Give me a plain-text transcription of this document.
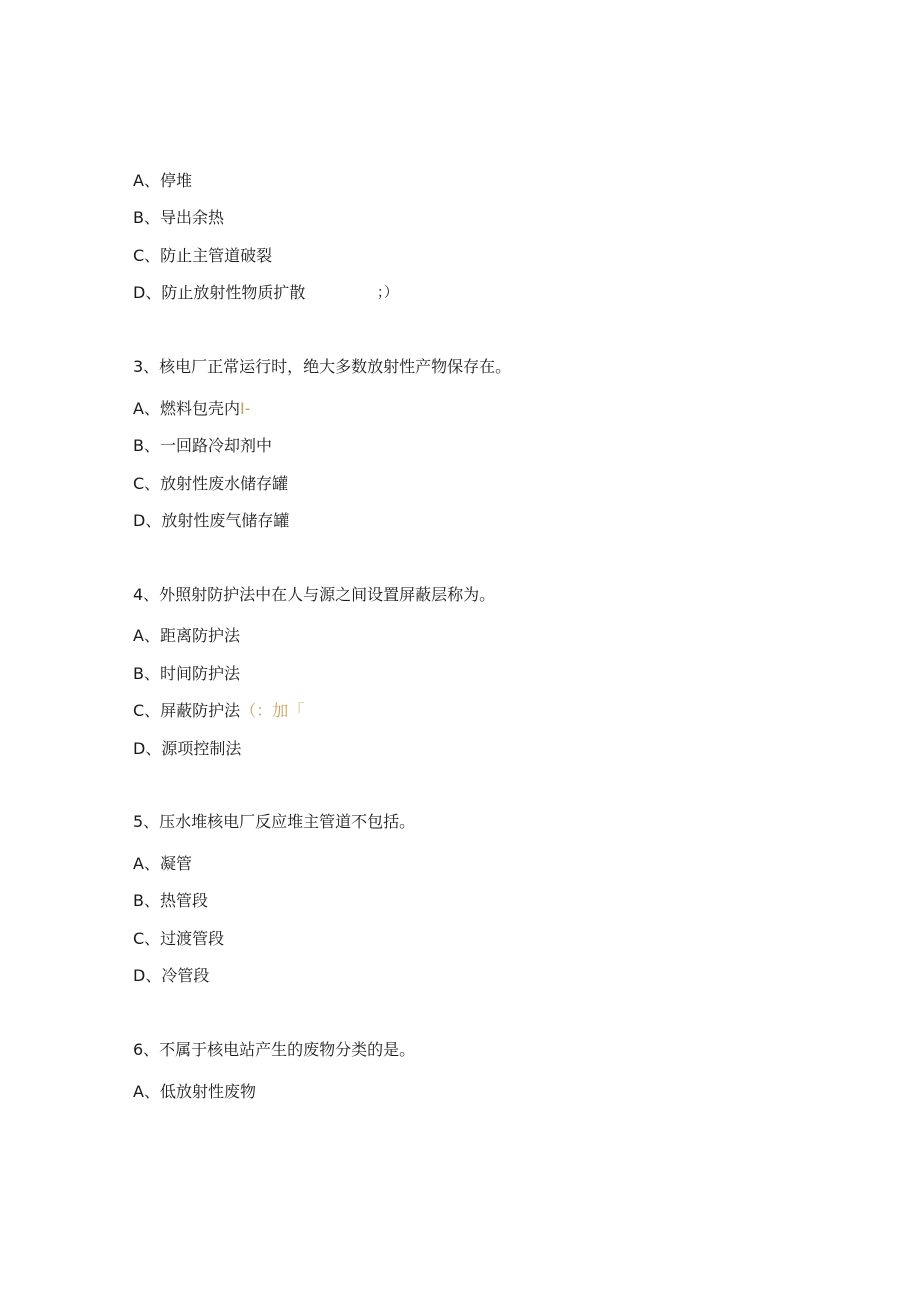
A、停堆
B、导出余热
C、防止主管道破裂
D、防止放射性物质扩散	；）
3、核电厂正常运行时，绝大多数放射性产物保存在。
A、燃料包壳内I-
B、一回路冷却剂中
C、放射性废水储存罐
D、放射性废气储存罐
4、外照射防护法中在人与源之间设置屏蔽层称为。
A、距离防护法
B、时间防护法
C、屏蔽防护法（：加「
D、源项控制法
5、压水堆核电厂反应堆主管道不包括。
A、凝管
B、热管段
C、过渡管段
D、冷管段
6、不属于核电站产生的废物分类的是。
A、低放射性废物
